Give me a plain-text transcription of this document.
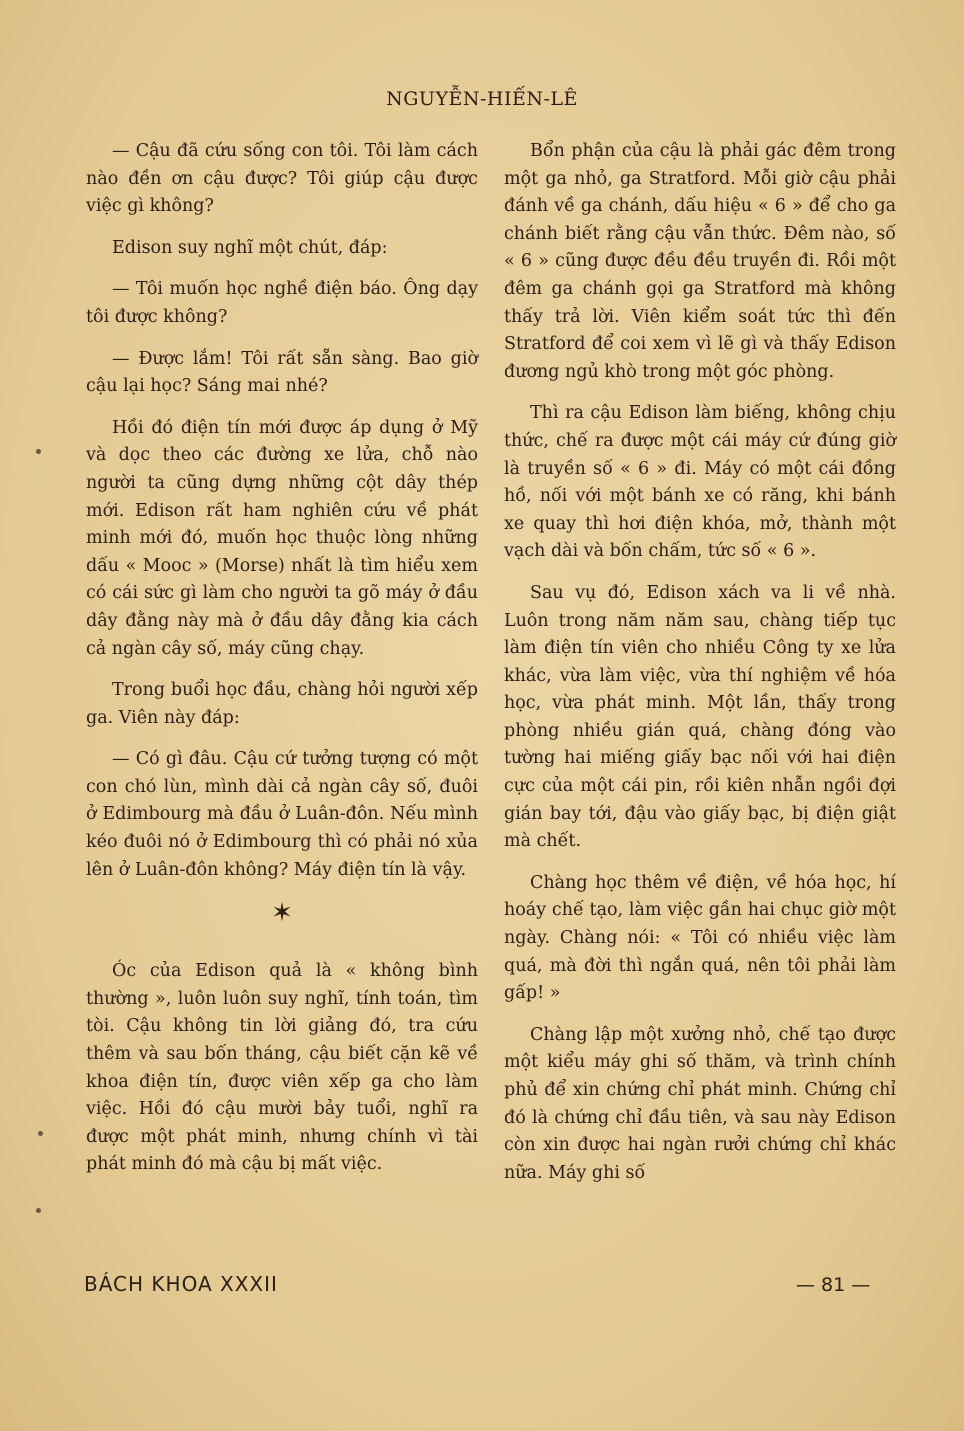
NGUYỄN-HIẾN-LÊ

— Cậu đã cứu sống con tôi. Tôi làm cách nào đền ơn cậu được? Tôi giúp cậu được việc gì không?

Edison suy nghĩ một chút, đáp:

— Tôi muốn học nghề điện báo. Ông dạy tôi được không?

— Được lắm! Tôi rất sẵn sàng. Bao giờ cậu lại học? Sáng mai nhé?

Hồi đó điện tín mới được áp dụng ở Mỹ và dọc theo các đường xe lửa, chỗ nào người ta cũng dựng những cột dây thép mới. Edison rất ham nghiên cứu về phát minh mới đó, muốn học thuộc lòng những dấu « Mooc » (Morse) nhất là tìm hiểu xem có cái sức gì làm cho người ta gõ máy ở đầu dây đằng này mà ở đầu dây đằng kia cách cả ngàn cây số, máy cũng chạy.

Trong buổi học đầu, chàng hỏi người xếp ga. Viên này đáp:

— Có gì đâu. Cậu cứ tưởng tượng có một con chó lùn, mình dài cả ngàn cây số, đuôi ở Edimbourg mà đầu ở Luân-đôn. Nếu mình kéo đuôi nó ở Edimbourg thì có phải nó xủa lên ở Luân-đôn không? Máy điện tín là vậy.

✶

Óc của Edison quả là « không bình thường », luôn luôn suy nghĩ, tính toán, tìm tòi. Cậu không tin lời giảng đó, tra cứu thêm và sau bốn tháng, cậu biết cặn kẽ về khoa điện tín, được viên xếp ga cho làm việc. Hồi đó cậu mười bảy tuổi, nghĩ ra được một phát minh, nhưng chính vì tài phát minh đó mà cậu bị mất việc.

Bổn phận của cậu là phải gác đêm trong một ga nhỏ, ga Stratford. Mỗi giờ cậu phải đánh về ga chánh, dấu hiệu « 6 » để cho ga chánh biết rằng cậu vẫn thức. Đêm nào, số « 6 » cũng được đều đều truyền đi. Rồi một đêm ga chánh gọi ga Stratford mà không thấy trả lời. Viên kiểm soát tức thì đến Stratford để coi xem vì lẽ gì và thấy Edison đương ngủ khò trong một góc phòng.

Thì ra cậu Edison làm biếng, không chịu thức, chế ra được một cái máy cứ đúng giờ là truyền số « 6 » đi. Máy có một cái đồng hồ, nối với một bánh xe có răng, khi bánh xe quay thì hơi điện khóa, mở, thành một vạch dài và bốn chấm, tức số « 6 ».

Sau vụ đó, Edison xách va li về nhà. Luôn trong năm năm sau, chàng tiếp tục làm điện tín viên cho nhiều Công ty xe lửa khác, vừa làm việc, vừa thí nghiệm về hóa học, vừa phát minh. Một lần, thấy trong phòng nhiều gián quá, chàng đóng vào tường hai miếng giấy bạc nối với hai điện cực của một cái pin, rồi kiên nhẫn ngồi đợi gián bay tới, đậu vào giấy bạc, bị điện giật mà chết.

Chàng học thêm về điện, về hóa học, hí hoáy chế tạo, làm việc gần hai chục giờ một ngày. Chàng nói: « Tôi có nhiều việc làm quá, mà đời thì ngắn quá, nên tôi phải làm gấp! »

Chàng lập một xưởng nhỏ, chế tạo được một kiểu máy ghi số thăm, và trình chính phủ để xin chứng chỉ phát minh. Chứng chỉ đó là chứng chỉ đầu tiên, và sau này Edison còn xin được hai ngàn rưởi chứng chỉ khác nữa. Máy ghi số

BÁCH KHOA XXXII	— 81 —
